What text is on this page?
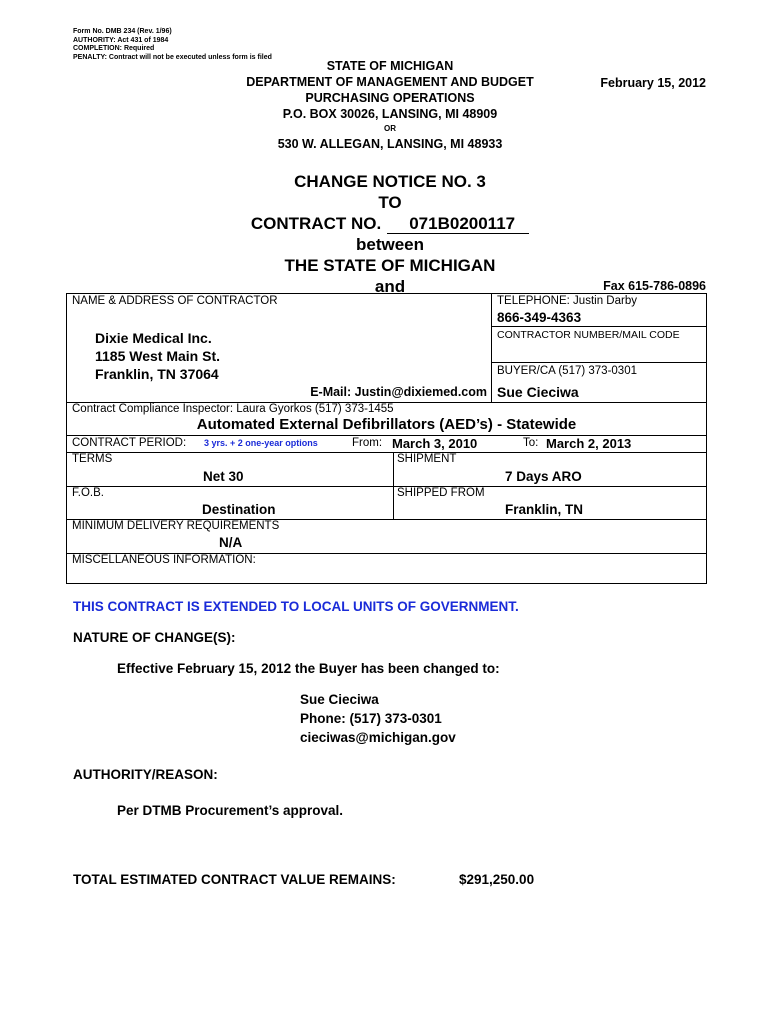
Form No. DMB 234 (Rev. 1/96)
AUTHORITY: Act 431 of 1984
COMPLETION: Required
PENALTY: Contract will not be executed unless form is filed
STATE OF MICHIGAN
DEPARTMENT OF MANAGEMENT AND BUDGET
PURCHASING OPERATIONS
P.O. BOX 30026, LANSING, MI 48909
OR
530 W. ALLEGAN, LANSING, MI 48933
February 15, 2012
CHANGE NOTICE NO. 3
TO
CONTRACT NO. 071B0200117
between
THE STATE OF MICHIGAN
and	Fax 615-786-0896
NAME & ADDRESS OF CONTRACTOR
Dixie Medical Inc.
1185 West Main St.
Franklin, TN 37064
E-Mail: Justin@dixiemed.com
TELEPHONE: Justin Darby
866-349-4363
CONTRACTOR NUMBER/MAIL CODE
BUYER/CA (517) 373-0301
Sue Cieciwa
Contract Compliance Inspector: Laura Gyorkos (517) 373-1455
Automated External Defibrillators (AED’s) - Statewide
CONTRACT PERIOD: 3 yrs. + 2 one-year options	From: March 3, 2010	To: March 2, 2013
TERMS
Net 30
SHIPMENT
7 Days ARO
F.O.B.
Destination
SHIPPED FROM
Franklin, TN
MINIMUM DELIVERY REQUIREMENTS
N/A
MISCELLANEOUS INFORMATION:
THIS CONTRACT IS EXTENDED TO LOCAL UNITS OF GOVERNMENT.
NATURE OF CHANGE(S):
Effective February 15, 2012 the Buyer has been changed to:
Sue Cieciwa
Phone: (517) 373-0301
cieciwas@michigan.gov
AUTHORITY/REASON:
Per DTMB Procurement’s approval.
TOTAL ESTIMATED CONTRACT VALUE REMAINS:	$291,250.00
